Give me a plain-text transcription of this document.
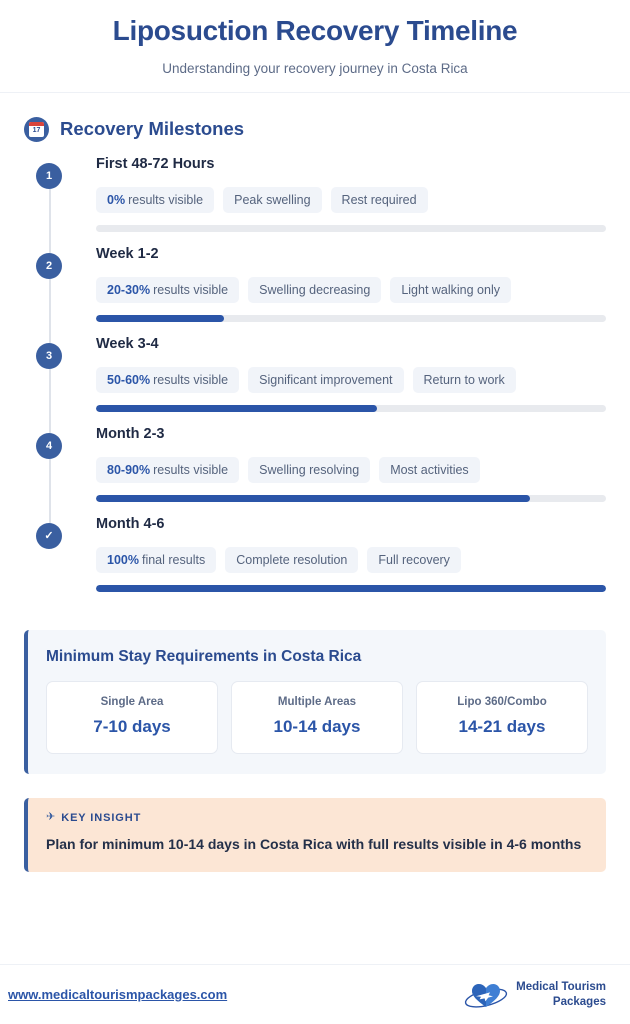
Liposuction Recovery Timeline
Understanding your recovery journey in Costa Rica
17 Recovery Milestones
1
First 48-72 Hours
0% results visible	Peak swelling	Rest required
2
Week 1-2
20-30% results visible	Swelling decreasing	Light walking only
3
Week 3-4
50-60% results visible	Significant improvement	Return to work
4
Month 2-3
80-90% results visible	Swelling resolving	Most activities
✓
Month 4-6
100% final results	Complete resolution	Full recovery
Minimum Stay Requirements in Costa Rica
Single Area
7-10 days
Multiple Areas
10-14 days
Lipo 360/Combo
14-21 days
✈ KEY INSIGHT
Plan for minimum 10-14 days in Costa Rica with full results visible in 4-6 months
www.medicaltourismpackages.com	Medical Tourism
Packages
